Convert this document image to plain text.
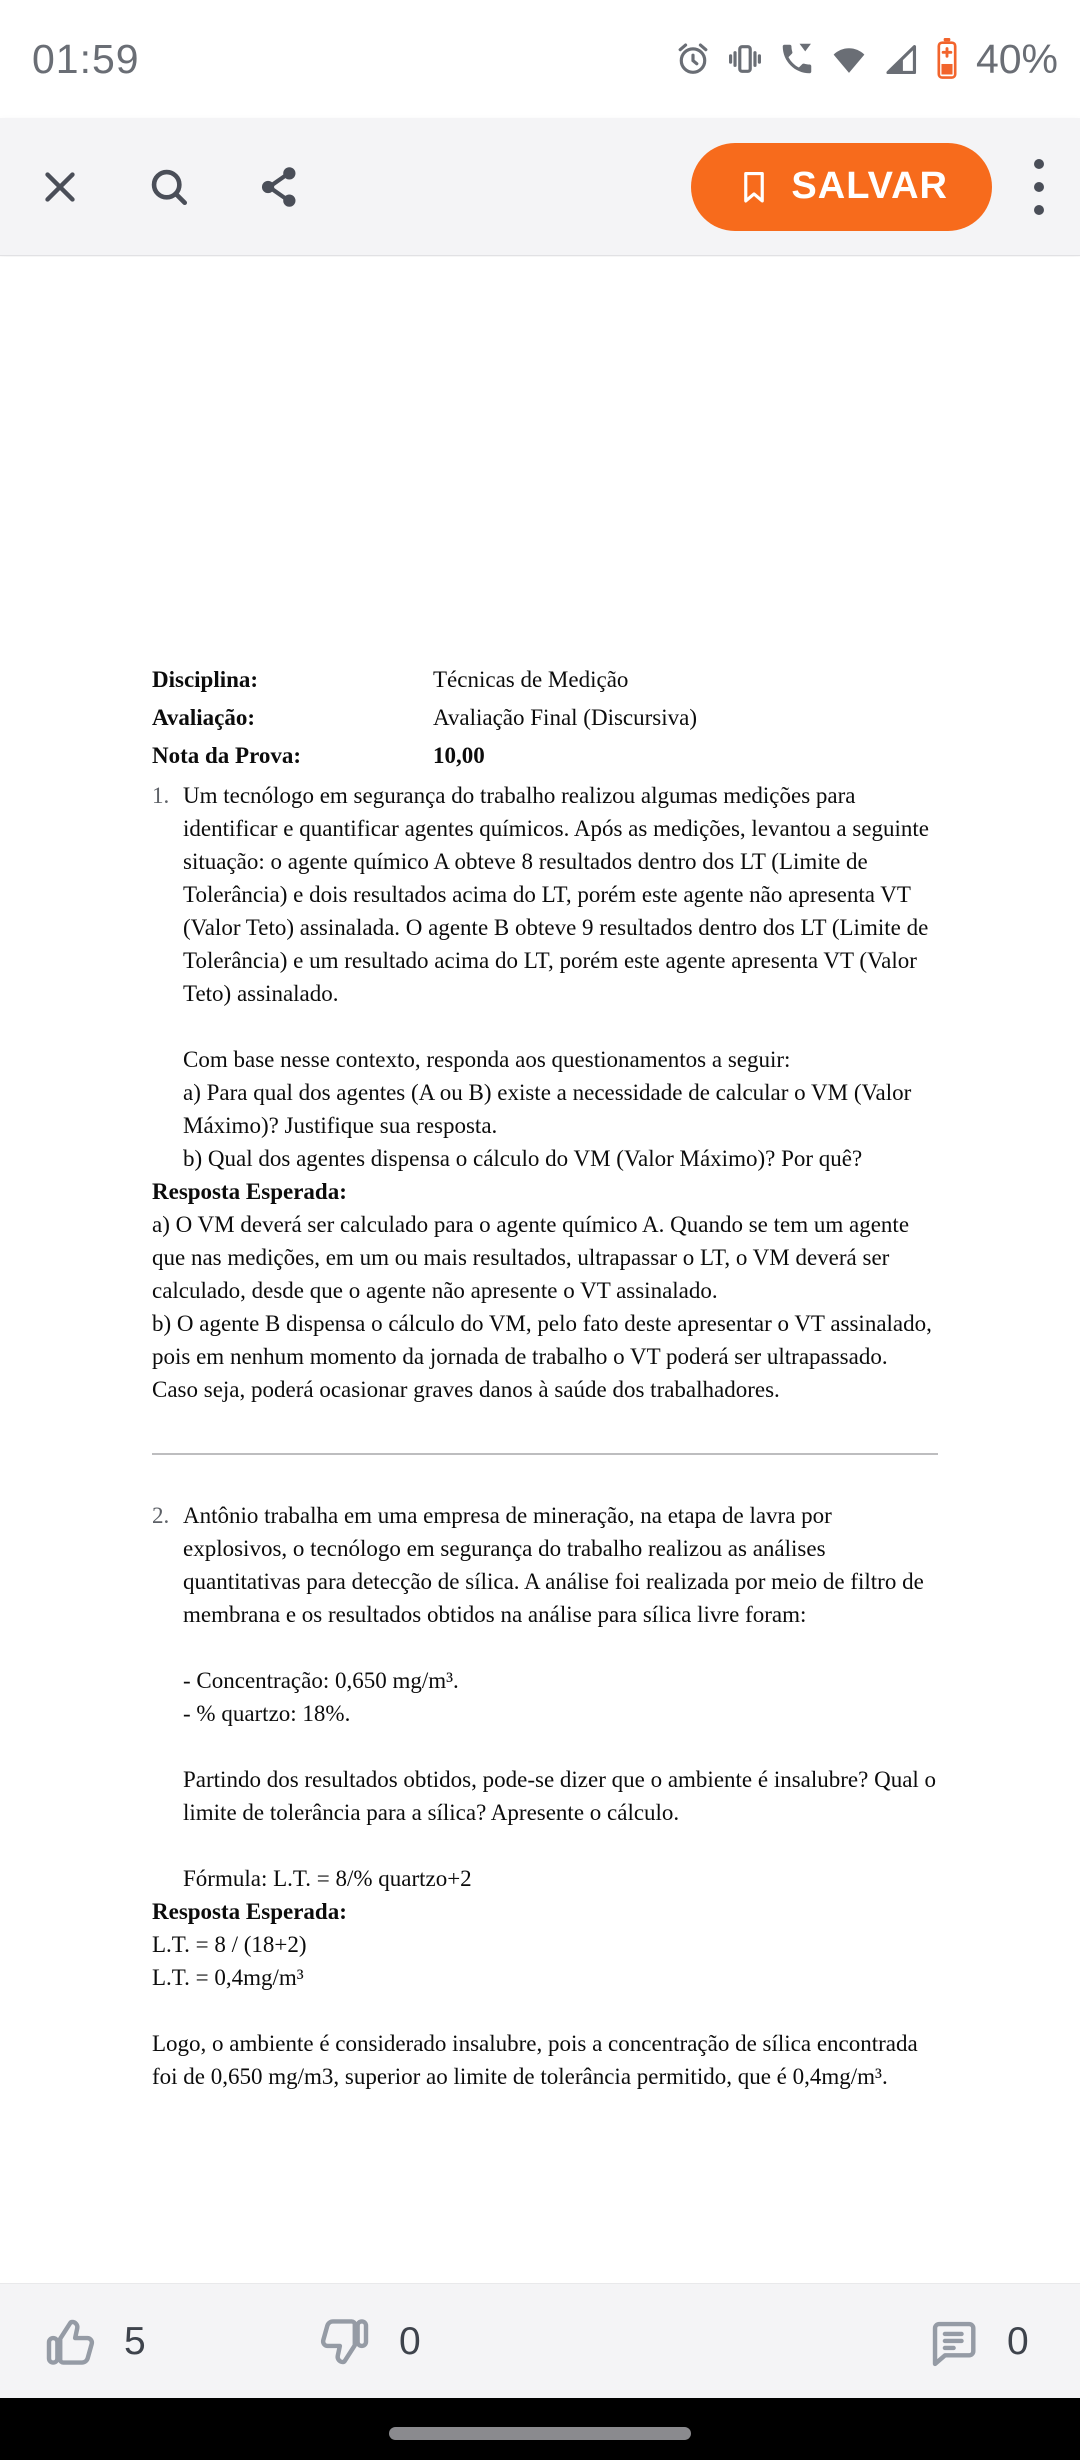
01:59	40%
SALVAR
Disciplina:	Técnicas de Medição
Avaliação:	Avaliação Final (Discursiva)
Nota da Prova:	10,00
1. Um tecnólogo em segurança do trabalho realizou algumas medições para identificar e quantificar agentes químicos. Após as medições, levantou a seguinte situação: o agente químico A obteve 8 resultados dentro dos LT (Limite de Tolerância) e dois resultados acima do LT, porém este agente não apresenta VT (Valor Teto) assinalada. O agente B obteve 9 resultados dentro dos LT (Limite de Tolerância) e um resultado acima do LT, porém este agente apresenta VT (Valor Teto) assinalado.

Com base nesse contexto, responda aos questionamentos a seguir:

a) Para qual dos agentes (A ou B) existe a necessidade de calcular o VM (Valor Máximo)? Justifique sua resposta.

b) Qual dos agentes dispensa o cálculo do VM (Valor Máximo)? Por quê?

Resposta Esperada:

a) O VM deverá ser calculado para o agente químico A. Quando se tem um agente que nas medições, em um ou mais resultados, ultrapassar o LT, o VM deverá ser calculado, desde que o agente não apresente o VT assinalado.

b) O agente B dispensa o cálculo do VM, pelo fato deste apresentar o VT assinalado, pois em nenhum momento da jornada de trabalho o VT poderá ser ultrapassado. Caso seja, poderá ocasionar graves danos à saúde dos trabalhadores.

2. Antônio trabalha em uma empresa de mineração, na etapa de lavra por explosivos, o tecnólogo em segurança do trabalho realizou as análises quantitativas para detecção de sílica. A análise foi realizada por meio de filtro de membrana e os resultados obtidos na análise para sílica livre foram:

- Concentração: 0,650 mg/m³.

- % quartzo: 18%.

Partindo dos resultados obtidos, pode-se dizer que o ambiente é insalubre? Qual o limite de tolerância para a sílica? Apresente o cálculo.

Fórmula: L.T. = 8/% quartzo+2

Resposta Esperada:

L.T. = 8 / (18+2)

L.T. = 0,4mg/m³

Logo, o ambiente é considerado insalubre, pois a concentração de sílica encontrada foi de 0,650 mg/m3, superior ao limite de tolerância permitido, que é 0,4mg/m³.

5	0	0
